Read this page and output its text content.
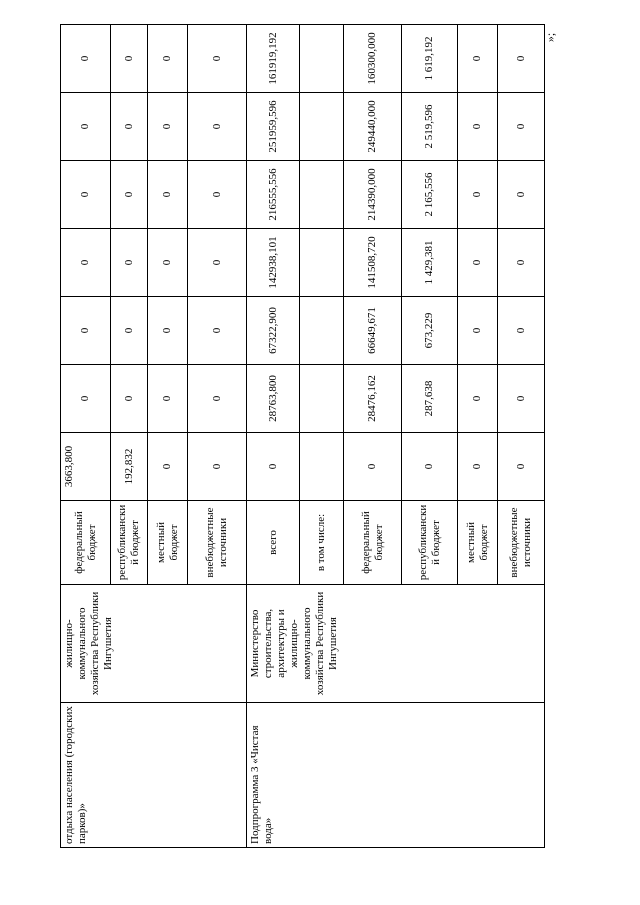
отдыха населения (городских парков)»	жилищно-коммунального хозяйства Республики Ингушетия	федеральный бюджет	3663,800	0	0	0	0	0	0
		республиканский бюджет	192,832	0	0	0	0	0	0
		местный бюджет	0	0	0	0	0	0	0
		внебюджетные источники	0	0	0	0	0	0	0
Подпрограмма 3 «Чистая вода»	Министерство строительства, архитектуры и жилищно-коммунального хозяйства Республики Ингушетия	всего	0	28763,800	67322,900	142938,101	216555,556	251959,596	161919,192
		в том числе:							
		федеральный бюджет	0	28476,162	66649,671	141508,720	214390,000	249440,000	160300,000
		республиканский бюджет	0	287,638	673,229	1 429,381	2 165,556	2 519,596	1 619,192
		местный бюджет	0	0	0	0	0	0	0
		внебюджетные источники	0	0	0	0	0	0	0
»;
